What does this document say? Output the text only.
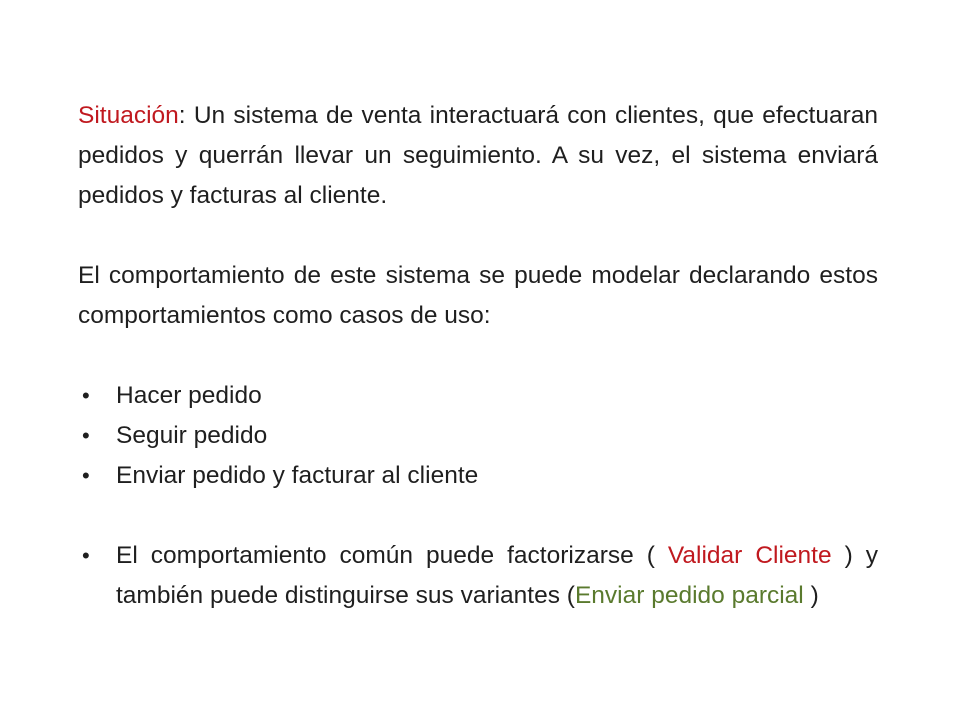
Situación: Un sistema de venta interactuará con clientes, que efectuaran pedidos y querrán llevar un seguimiento. A su vez, el sistema enviará pedidos y facturas al cliente.

El comportamiento de este sistema se puede modelar declarando estos comportamientos como casos de uso:

• Hacer pedido
• Seguir pedido
• Enviar pedido y facturar al cliente
• El comportamiento común puede factorizarse ( Validar Cliente ) y también puede distinguirse sus variantes (Enviar pedido parcial )
